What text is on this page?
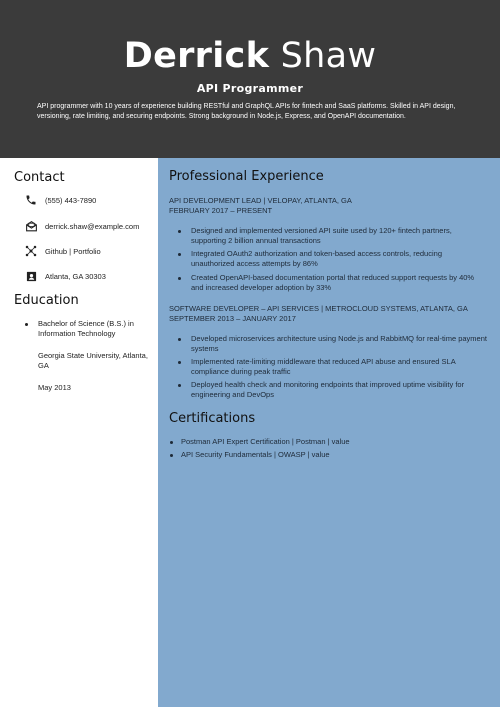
Derrick Shaw
API Programmer
API programmer with 10 years of experience building RESTful and GraphQL APIs for fintech and SaaS platforms. Skilled in API design, versioning, rate limiting, and securing endpoints. Strong background in Node.js, Express, and OpenAPI documentation.
Contact
(555) 443-7890
derrick.shaw@example.com
Github | Portfolio
Atlanta, GA 30303
Education
Bachelor of Science (B.S.) in Information Technology
Georgia State University, Atlanta, GA
May 2013
Professional Experience
API DEVELOPMENT LEAD | VELOPAY, ATLANTA, GA
FEBRUARY 2017 – PRESENT
Designed and implemented versioned API suite used by 120+ fintech partners, supporting 2 billion annual transactions
Integrated OAuth2 authorization and token-based access controls, reducing unauthorized access attempts by 86%
Created OpenAPI-based documentation portal that reduced support requests by 40% and increased developer adoption by 33%
SOFTWARE DEVELOPER – API SERVICES | METROCLOUD SYSTEMS, ATLANTA, GA
SEPTEMBER 2013 – JANUARY 2017
Developed microservices architecture using Node.js and RabbitMQ for real-time payment systems
Implemented rate-limiting middleware that reduced API abuse and ensured SLA compliance during peak traffic
Deployed health check and monitoring endpoints that improved uptime visibility for engineering and DevOps
Certifications
Postman API Expert Certification | Postman | value
API Security Fundamentals | OWASP | value
